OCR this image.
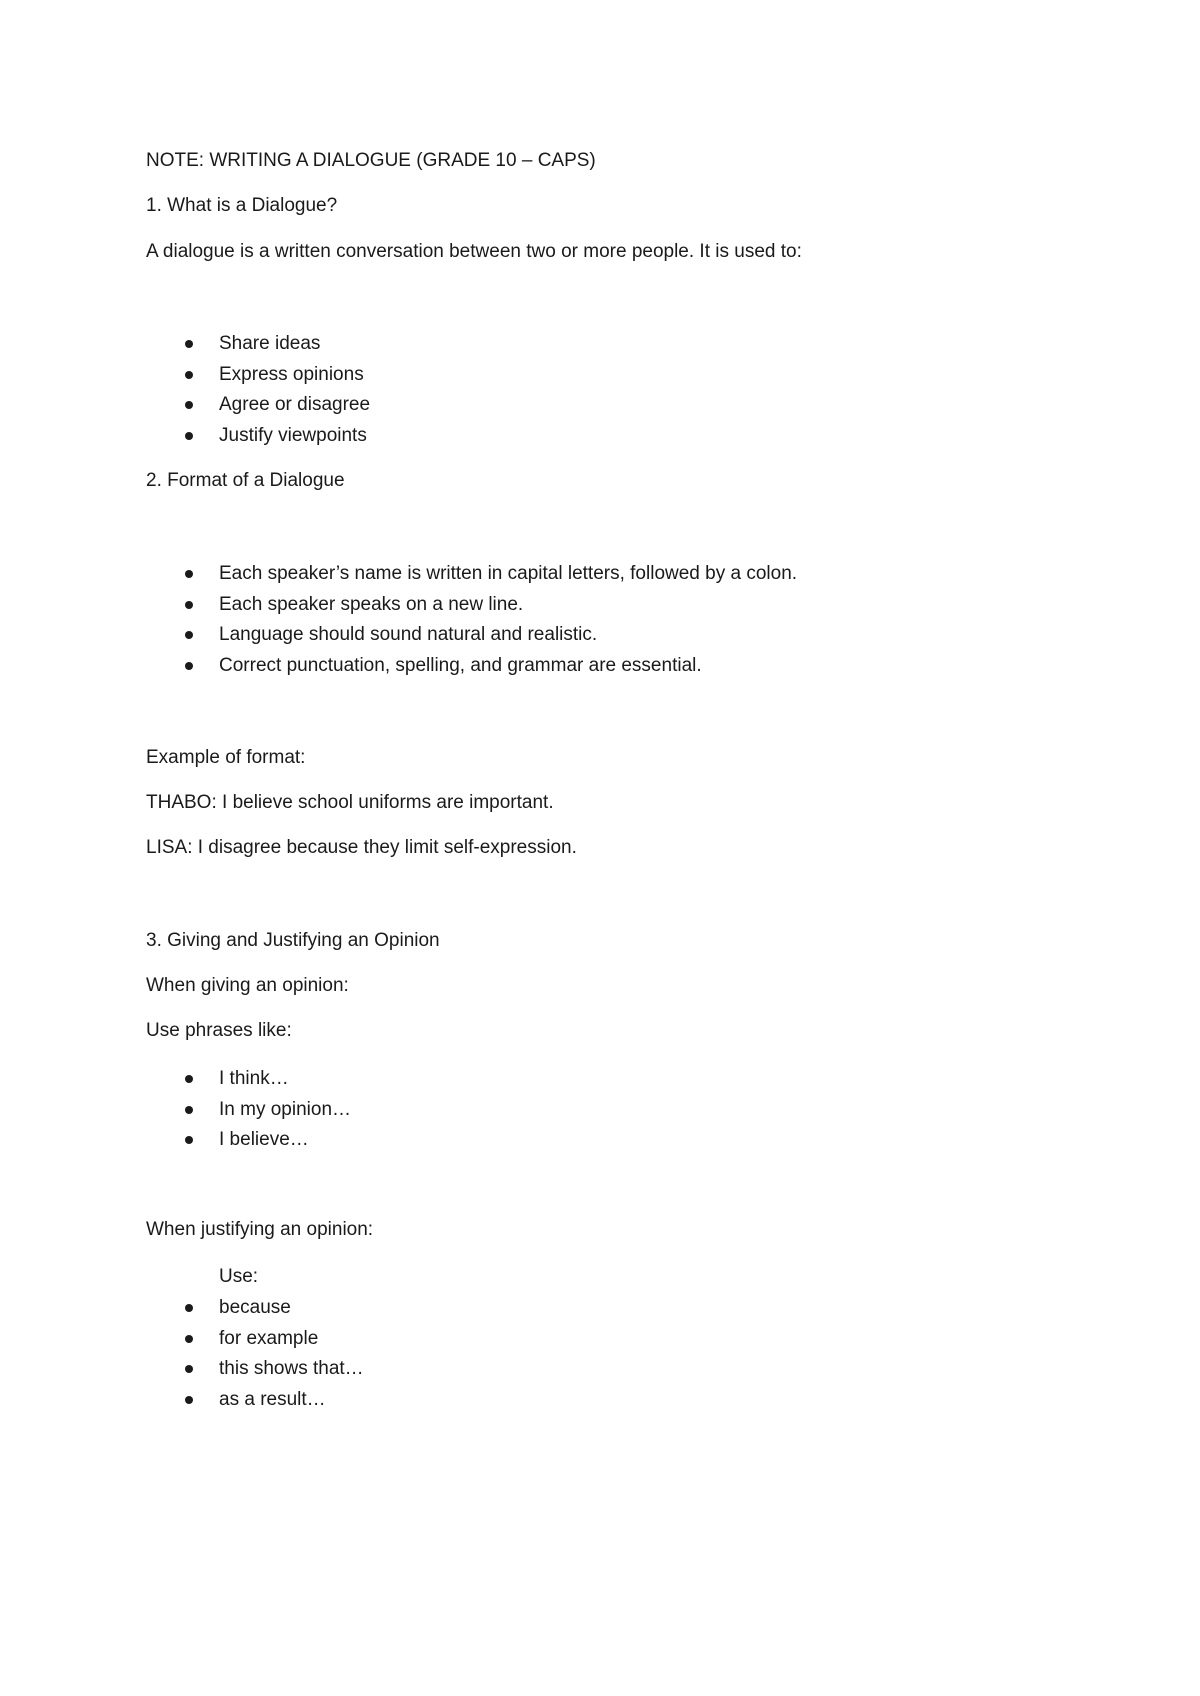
NOTE: WRITING A DIALOGUE (GRADE 10 – CAPS)
1. What is a Dialogue?
A dialogue is a written conversation between two or more people. It is used to:
Share ideas
Express opinions
Agree or disagree
Justify viewpoints
2. Format of a Dialogue
Each speaker’s name is written in capital letters, followed by a colon.
Each speaker speaks on a new line.
Language should sound natural and realistic.
Correct punctuation, spelling, and grammar are essential.
Example of format:
THABO: I believe school uniforms are important.
LISA: I disagree because they limit self-expression.
3. Giving and Justifying an Opinion
When giving an opinion:
Use phrases like:
I think…
In my opinion…
I believe…
When justifying an opinion:
Use:
because
for example
this shows that…
as a result…
